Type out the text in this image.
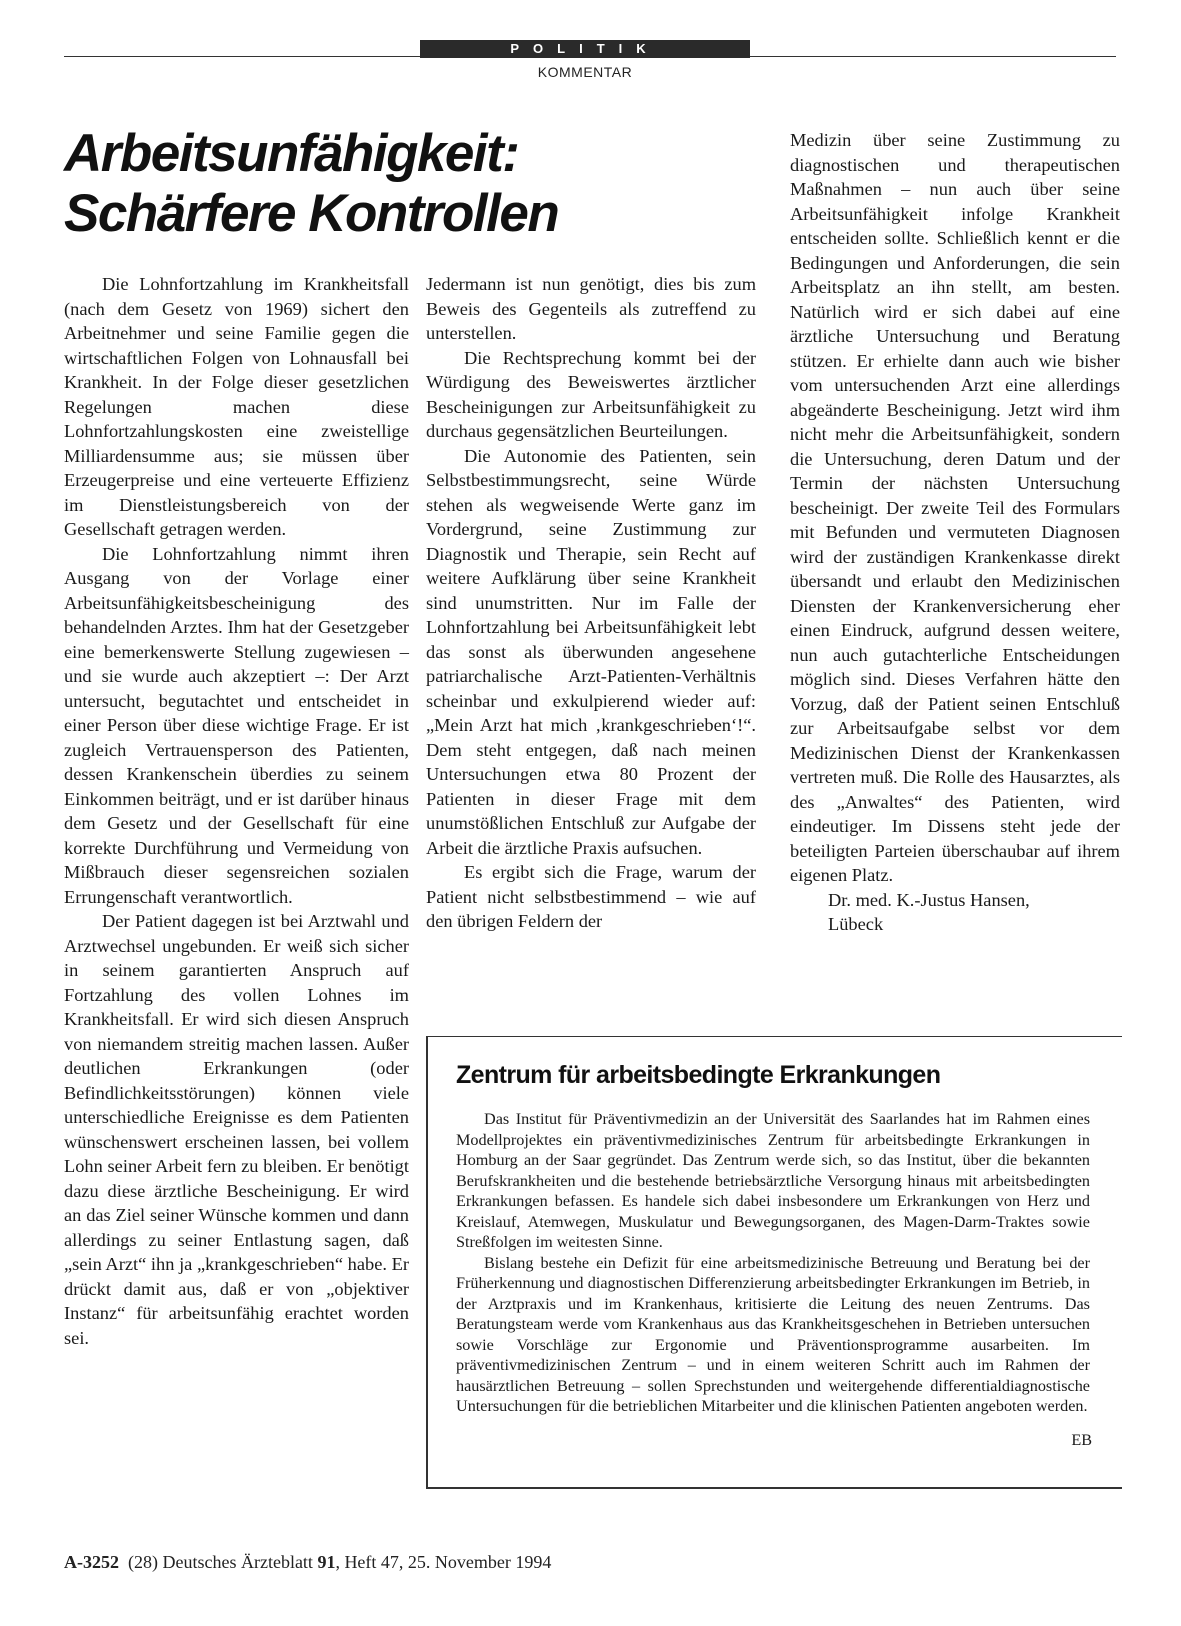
POLITIK
KOMMENTAR
Arbeitsunfähigkeit:
Schärfere Kontrollen

Die Lohnfortzahlung im Krankheitsfall (nach dem Gesetz von 1969) sichert den Arbeitnehmer und seine Familie gegen die wirtschaftlichen Folgen von Lohnausfall bei Krankheit. In der Folge dieser gesetzlichen Regelungen machen diese Lohnfortzahlungskosten eine zweistellige Milliardensumme aus; sie müssen über Erzeugerpreise und eine verteuerte Effizienz im Dienstleistungsbereich von der Gesellschaft getragen werden.

Die Lohnfortzahlung nimmt ihren Ausgang von der Vorlage einer Arbeitsunfähigkeitsbescheinigung des behandelnden Arztes. Ihm hat der Gesetzgeber eine bemerkenswerte Stellung zugewiesen – und sie wurde auch akzeptiert –: Der Arzt untersucht, begutachtet und entscheidet in einer Person über diese wichtige Frage. Er ist zugleich Vertrauensperson des Patienten, dessen Krankenschein überdies zu seinem Einkommen beiträgt, und er ist darüber hinaus dem Gesetz und der Gesellschaft für eine korrekte Durchführung und Vermeidung von Mißbrauch dieser segensreichen sozialen Errungenschaft verantwortlich.

Der Patient dagegen ist bei Arztwahl und Arztwechsel ungebunden. Er weiß sich sicher in seinem garantierten Anspruch auf Fortzahlung des vollen Lohnes im Krankheitsfall. Er wird sich diesen Anspruch von niemandem streitig machen lassen. Außer deutlichen Erkrankungen (oder Befindlichkeitsstörungen) können viele unterschiedliche Ereignisse es dem Patienten wünschenswert erscheinen lassen, bei vollem Lohn seiner Arbeit fern zu bleiben. Er benötigt dazu diese ärztliche Bescheinigung. Er wird an das Ziel seiner Wünsche kommen und dann allerdings zu seiner Entlastung sagen, daß „sein Arzt“ ihn ja „krankgeschrieben“ habe. Er drückt damit aus, daß er von „objektiver Instanz“ für arbeitsunfähig erachtet worden sei.

Jedermann ist nun genötigt, dies bis zum Beweis des Gegenteils als zutreffend zu unterstellen.

Die Rechtsprechung kommt bei der Würdigung des Beweiswertes ärztlicher Bescheinigungen zur Arbeitsunfähigkeit zu durchaus gegensätzlichen Beurteilungen.

Die Autonomie des Patienten, sein Selbstbestimmungsrecht, seine Würde stehen als wegweisende Werte ganz im Vordergrund, seine Zustimmung zur Diagnostik und Therapie, sein Recht auf weitere Aufklärung über seine Krankheit sind unumstritten. Nur im Falle der Lohnfortzahlung bei Arbeitsunfähigkeit lebt das sonst als überwunden angesehene patriarchalische Arzt-Patienten-Verhältnis scheinbar und exkulpierend wieder auf: „Mein Arzt hat mich ‚krankgeschrieben‘!“. Dem steht entgegen, daß nach meinen Untersuchungen etwa 80 Prozent der Patienten in dieser Frage mit dem unumstößlichen Entschluß zur Aufgabe der Arbeit die ärztliche Praxis aufsuchen.

Es ergibt sich die Frage, warum der Patient nicht selbstbestimmend – wie auf den übrigen Feldern der

Medizin über seine Zustimmung zu diagnostischen und therapeutischen Maßnahmen – nun auch über seine Arbeitsunfähigkeit infolge Krankheit entscheiden sollte. Schließlich kennt er die Bedingungen und Anforderungen, die sein Arbeitsplatz an ihn stellt, am besten. Natürlich wird er sich dabei auf eine ärztliche Untersuchung und Beratung stützen. Er erhielte dann auch wie bisher vom untersuchenden Arzt eine allerdings abgeänderte Bescheinigung. Jetzt wird ihm nicht mehr die Arbeitsunfähigkeit, sondern die Untersuchung, deren Datum und der Termin der nächsten Untersuchung bescheinigt. Der zweite Teil des Formulars mit Befunden und vermuteten Diagnosen wird der zuständigen Krankenkasse direkt übersandt und erlaubt den Medizinischen Diensten der Krankenversicherung eher einen Eindruck, aufgrund dessen weitere, nun auch gutachterliche Entscheidungen möglich sind. Dieses Verfahren hätte den Vorzug, daß der Patient seinen Entschluß zur Arbeitsaufgabe selbst vor dem Medizinischen Dienst der Krankenkassen vertreten muß. Die Rolle des Hausarztes, als des „Anwaltes“ des Patienten, wird eindeutiger. Im Dissens steht jede der beteiligten Parteien überschaubar auf ihrem eigenen Platz.

Dr. med. K.-Justus Hansen,

Lübeck

Zentrum für arbeitsbedingte Erkrankungen

Das Institut für Präventivmedizin an der Universität des Saarlandes hat im Rahmen eines Modellprojektes ein präventivmedizinisches Zentrum für arbeitsbedingte Erkrankungen in Homburg an der Saar gegründet. Das Zentrum werde sich, so das Institut, über die bekannten Berufskrankheiten und die bestehende betriebsärztliche Versorgung hinaus mit arbeitsbedingten Erkrankungen befassen. Es handele sich dabei insbesondere um Erkrankungen von Herz und Kreislauf, Atemwegen, Muskulatur und Bewegungsorganen, des Magen-Darm-Traktes sowie Streßfolgen im weitesten Sinne.

Bislang bestehe ein Defizit für eine arbeitsmedizinische Betreuung und Beratung bei der Früherkennung und diagnostischen Differenzierung arbeitsbedingter Erkrankungen im Betrieb, in der Arztpraxis und im Krankenhaus, kritisierte die Leitung des neuen Zentrums. Das Beratungsteam werde vom Krankenhaus aus das Krankheitsgeschehen in Betrieben untersuchen sowie Vorschläge zur Ergonomie und Präventionsprogramme ausarbeiten. Im präventivmedizinischen Zentrum – und in einem weiteren Schritt auch im Rahmen der hausärztlichen Betreuung – sollen Sprechstunden und weitergehende differentialdiagnostische Untersuchungen für die betrieblichen Mitarbeiter und die klinischen Patienten angeboten werden.

EB
A-3252 (28) Deutsches Ärzteblatt 91, Heft 47, 25. November 1994
